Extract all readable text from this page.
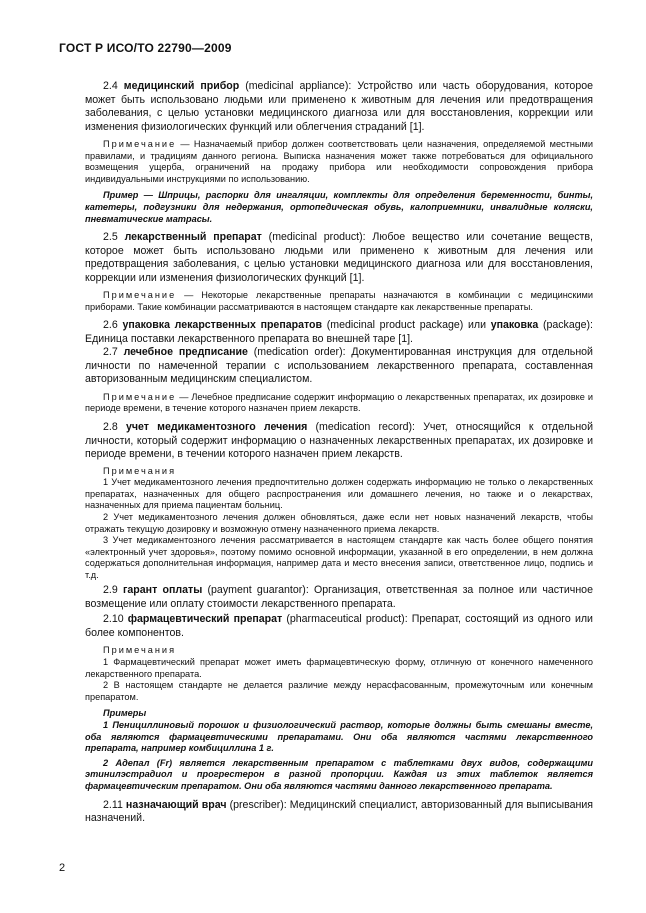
ГОСТ Р ИСО/ТО 22790—2009

2.4 медицинский прибор (medicinal appliance): Устройство или часть оборудования, которое может быть использовано людьми или применено к животным для лечения или предотвращения заболевания, с целью установки медицинского диагноза или для восстановления, коррекции или изменения физиологических функций или облегчения страданий [1].

Примечание — Назначаемый прибор должен соответствовать цели назначения, определяемой местными правилами, и традициям данного региона. Выписка назначения может также потребоваться для официального возмещения ущерба, ограничений на продажу прибора или необходимости сопровождения прибора индивидуальными инструкциями по использованию.

Пример — Шприцы, распорки для ингаляции, комплекты для определения беременности, бинты, катетеры, подгузники для недержания, ортопедическая обувь, калоприемники, инвалидные коляски, пневматические матрасы.

2.5 лекарственный препарат (medicinal product): Любое вещество или сочетание веществ, которое может быть использовано людьми или применено к животным для лечения или предотвращения заболевания, с целью установки медицинского диагноза или для восстановления, коррекции или изменения физиологических функций [1].

Примечание — Некоторые лекарственные препараты назначаются в комбинации с медицинскими приборами. Такие комбинации рассматриваются в настоящем стандарте как лекарственные препараты.

2.6 упаковка лекарственных препаратов (medicinal product package) или упаковка (package): Единица поставки лекарственного препарата во внешней таре [1].

2.7 лечебное предписание (medication order): Документированная инструкция для отдельной личности по намеченной терапии с использованием лекарственного препарата, составленная авторизованным медицинским специалистом.

Примечание — Лечебное предписание содержит информацию о лекарственных препаратах, их дозировке и периоде времени, в течение которого назначен прием лекарств.

2.8 учет медикаментозного лечения (medication record): Учет, относящийся к отдельной личности, который содержит информацию о назначенных лекарственных препаратах, их дозировке и периоде времени, в течении которого назначен прием лекарств.

Примечания

1 Учет медикаментозного лечения предпочтительно должен содержать информацию не только о лекарственных препаратах, назначенных для общего распространения или домашнего лечения, но также и о лекарствах, назначенных для приема пациентам больниц.

2 Учет медикаментозного лечения должен обновляться, даже если нет новых назначений лекарств, чтобы отражать текущую дозировку и возможную отмену назначенного приема лекарств.

3 Учет медикаментозного лечения рассматривается в настоящем стандарте как часть более общего понятия «электронный учет здоровья», поэтому помимо основной информации, указанной в его определении, в нем должна содержаться дополнительная информация, например дата и место внесения записи, ответственное лицо, подпись и т.д.

2.9 гарант оплаты (payment guarantor): Организация, ответственная за полное или частичное возмещение или оплату стоимости лекарственного препарата.

2.10 фармацевтический препарат (pharmaceutical product): Препарат, состоящий из одного или более компонентов.

Примечания

1 Фармацевтический препарат может иметь фармацевтическую форму, отличную от конечного намеченного лекарственного препарата.

2 В настоящем стандарте не делается различие между нерасфасованным, промежуточным или конечным препаратом.

Примеры

1 Пенициллиновый порошок и физиологический раствор, которые должны быть смешаны вместе, оба являются фармацевтическими препаратами. Они оба являются частями лекарственного препарата, например комбициллина 1 г.

2 Адепал (Fr) является лекарственным препаратом с таблетками двух видов, содержащими этинилэстрадиол и прогрестерон в разной пропорции. Каждая из этих таблеток является фармацевтическим препаратом. Они оба являются частями данного лекарственного препарата.

2.11 назначающий врач (prescriber): Медицинский специалист, авторизованный для выписывания назначений.

2
